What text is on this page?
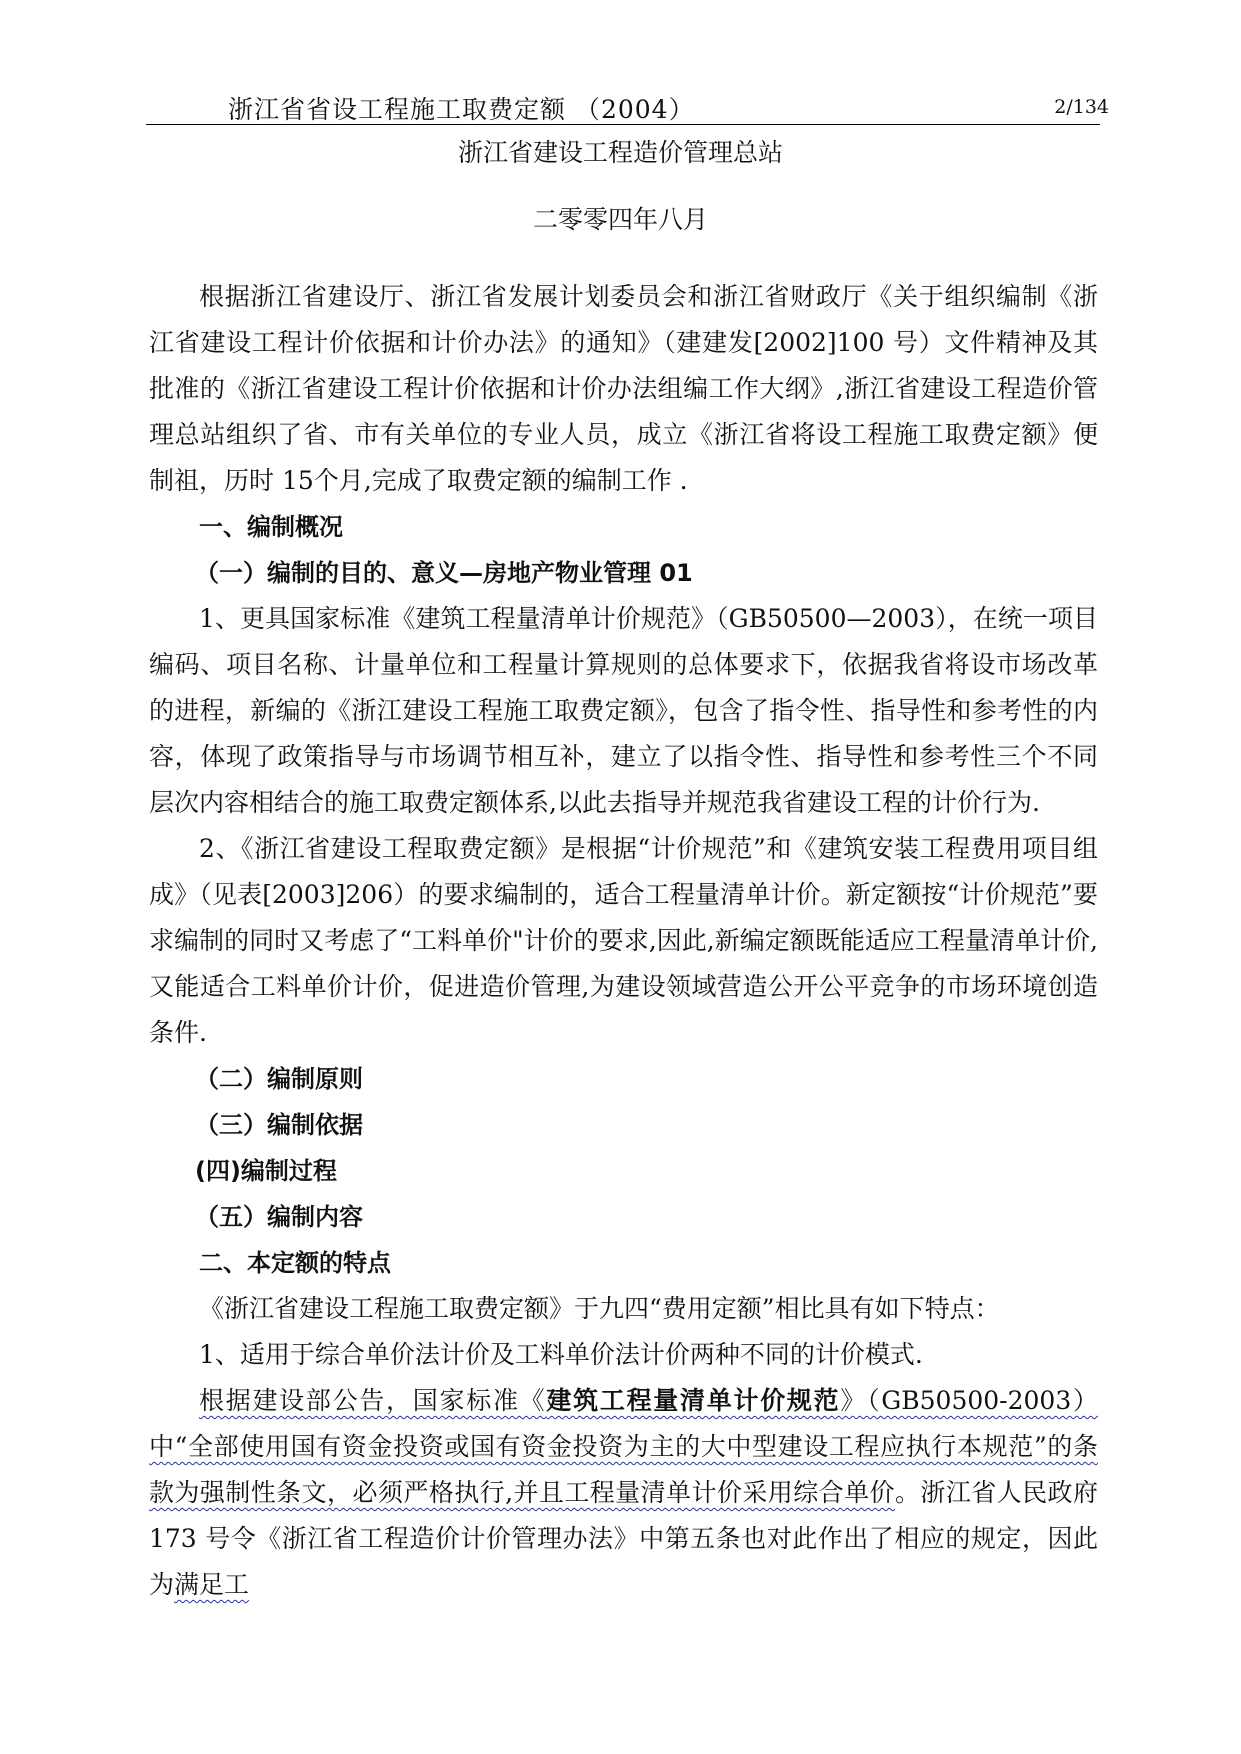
浙江省省设工程施工取费定额 （2004）	2/134
浙江省建设工程造价管理总站
二零零四年八月

根据浙江省建设厅、浙江省发展计划委员会和浙江省财政厅《关于组织编制《浙江省建设工程计价依据和计价办法》的通知》（建建发[2002]100 号）文件精神及其批准的《浙江省建设工程计价依据和计价办法组编工作大纲》,浙江省建设工程造价管理总站组织了省、市有关单位的专业人员，成立《浙江省将设工程施工取费定额》便制祖，历时 15个月,完成了取费定额的编制工作 .

一、编制概况

（一）编制的目的、意义—房地产物业管理 01

1、更具国家标准《建筑工程量清单计价规范》（GB50500—2003），在统一项目编码、项目名称、计量单位和工程量计算规则的总体要求下，依据我省将设市场改革的进程，新编的《浙江建设工程施工取费定额》，包含了指令性、指导性和参考性的内容，体现了政策指导与市场调节相互补，建立了以指令性、指导性和参考性三个不同层次内容相结合的施工取费定额体系,以此去指导并规范我省建设工程的计价行为.

2、《浙江省建设工程取费定额》是根据“计价规范”和《建筑安装工程费用项目组成》（见表[2003]206）的要求编制的，适合工程量清单计价。新定额按“计价规范”要求编制的同时又考虑了“工料单价"计价的要求,因此,新编定额既能适应工程量清单计价,又能适合工料单价计价，促进造价管理,为建设领域营造公开公平竞争的市场环境创造条件.

（二）编制原则

（三）编制依据

(四)编制过程

（五）编制内容

二、本定额的特点

《浙江省建设工程施工取费定额》于九四“费用定额”相比具有如下特点：

1、适用于综合单价法计价及工料单价法计价两种不同的计价模式.

根据建设部公告，国家标准《建筑工程量清单计价规范》（GB50500-2003）中“全部使用国有资金投资或国有资金投资为主的大中型建设工程应执行本规范”的条款为强制性条文，必须严格执行,并且工程量清单计价采用综合单价。浙江省人民政府 173 号令《浙江省工程造价计价管理办法》中第五条也对此作出了相应的规定，因此为满足工
